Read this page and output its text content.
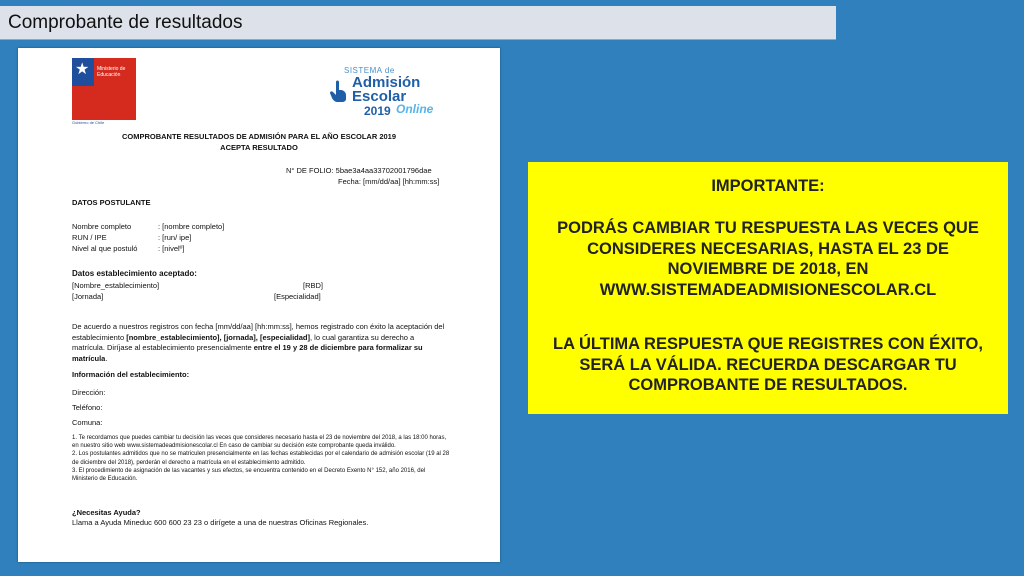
Comprobante de resultados
★ Ministerio de Educación
Gobierno de Chile
SISTEMA de
Admisión
Escolar
2019 Online
COMPROBANTE RESULTADOS DE ADMISIÓN PARA EL AÑO ESCOLAR 2019
ACEPTA RESULTADO
N° DE FOLIO: 5bae3a4aa33702001796dae
Fecha: [mm/dd/aa] [hh:mm:ss]
DATOS POSTULANTE
Nombre completo	: [nombre completo]
RUN / IPE	: [run/ ipe]
Nivel al que postuló	: [nivelº]
Datos establecimiento aceptado:
[Nombre_establecimiento]	[RBD]
[Jornada]	[Especialidad]
De acuerdo a nuestros registros con fecha [mm/dd/aa] [hh:mm:ss], hemos registrado con éxito la aceptación del establecimiento [nombre_establecimiento], [jornada], [especialidad], lo cual garantiza su derecho a matrícula. Diríjase al establecimiento presencialmente entre el 19 y 28 de diciembre para formalizar su matrícula.
Información del establecimiento:
Dirección:
Teléfono:
Comuna:
1. Te recordamos que puedes cambiar tu decisión las veces que consideres necesario hasta el 23 de noviembre del 2018, a las 18:00 horas, en nuestro sitio web www.sistemadeadmisionescolar.cl En caso de cambiar su decisión este comprobante queda inválido.
2. Los postulantes admitidos que no se matriculen presencialmente en las fechas establecidas por el calendario de admisión escolar (19 al 28 de diciembre del 2018), perderán el derecho a matrícula en el establecimiento admitido.
3. El procedimiento de asignación de las vacantes y sus efectos, se encuentra contenido en el Decreto Exento N° 152, año 2016, del Ministerio de Educación.
¿Necesitas Ayuda?
Llama a Ayuda Mineduc 600 600 23 23 o dirígete a una de nuestras Oficinas Regionales.
IMPORTANTE:
PODRÁS CAMBIAR TU RESPUESTA LAS VECES QUE CONSIDERES NECESARIAS, HASTA EL 23 DE NOVIEMBRE DE 2018, EN WWW.SISTEMADEADMISIONESCOLAR.CL
LA ÚLTIMA RESPUESTA QUE REGISTRES CON ÉXITO, SERÁ LA VÁLIDA. RECUERDA DESCARGAR TU COMPROBANTE DE RESULTADOS.
